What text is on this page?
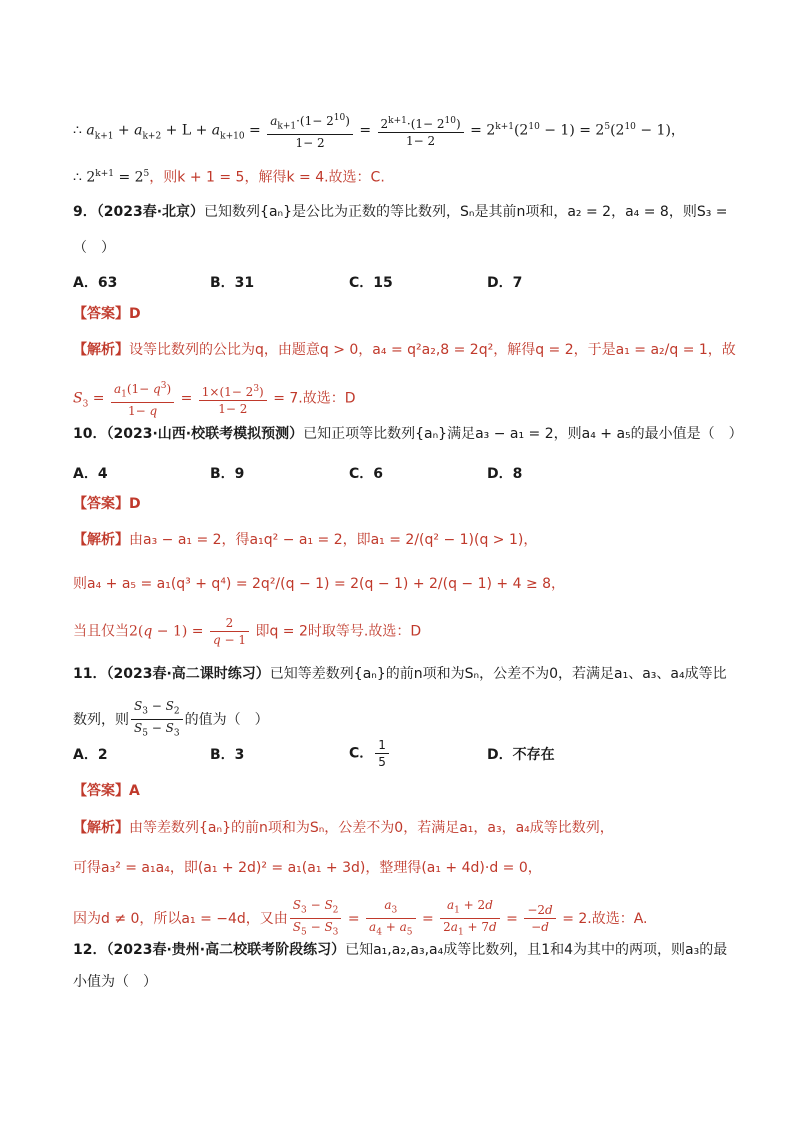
∴ $a_{k+1} + a_{k+2} + L + a_{k+10} = \frac{a_{k+1}\cdot(1- 2^{10})}{1- 2} = \frac{2^{k+1}\cdot(1- 2^{10})}{1- 2} = 2^{k+1}(2^{10} - 1) = 2^5(2^{10} - 1)$，
∴ $2^{k+1} = 2^5$，则k + 1 = 5，解得k = 4.故选：C.
9．（2023春·北京）已知数列{aₙ}是公比为正数的等比数列，Sₙ是其前n项和，a₂ = 2，a₄ = 8，则S₃ =
（　）
A．63	B．31	C．15	D．7
【答案】D
【解析】设等比数列的公比为q，由题意q > 0，a₄ = q²a₂,8 = 2q²，解得q = 2，于是a₁ = a₂/q = 1，故
$S_3 = \frac{a_1(1- q^3)}{1- q} = \frac{1\times(1- 2^3)}{1- 2} = 7$.故选：D
10．（2023·山西·校联考模拟预测）已知正项等比数列{aₙ}满足a₃ − a₁ = 2，则a₄ + a₅的最小值是（　）
A．4	B．9	C．6	D．8
【答案】D
【解析】由a₃ − a₁ = 2，得a₁q² − a₁ = 2，即a₁ = 2/(q² − 1)(q > 1)，
则a₄ + a₅ = a₁(q³ + q⁴) = 2q²/(q − 1) = 2(q − 1) + 2/(q − 1) + 4 ≥ 8，
当且仅当$2(q - 1) = \frac{2}{q - 1}$ 即q = 2时取等号.故选：D
11．（2023春·高二课时练习）已知等差数列{aₙ}的前n项和为Sₙ，公差不为0，若满足a₁、a₃、a₄成等比
数列，则 $\frac{S_3 - S_2}{S_5 - S_3}$ 的值为（　）
A．2	B．3	C． $\frac{1}{5}$	D．不存在
【答案】A
【解析】由等差数列{aₙ}的前n项和为Sₙ，公差不为0，若满足a₁，a₃，a₄成等比数列，
可得a₃² = a₁a₄，即(a₁ + 2d)² = a₁(a₁ + 3d)，整理得(a₁ + 4d)·d = 0，
因为d ≠ 0，所以a₁ = −4d，又由 $\frac{S_3 - S_2}{S_5 - S_3} = \frac{a_3}{a_4 + a_5} = \frac{a_1 + 2d}{2a_1 + 7d} = \frac{-2d}{-d} = 2$.故选：A.
12．（2023春·贵州·高二校联考阶段练习）已知a₁,a₂,a₃,a₄成等比数列，且1和4为其中的两项，则a₃的最
小值为（　）
